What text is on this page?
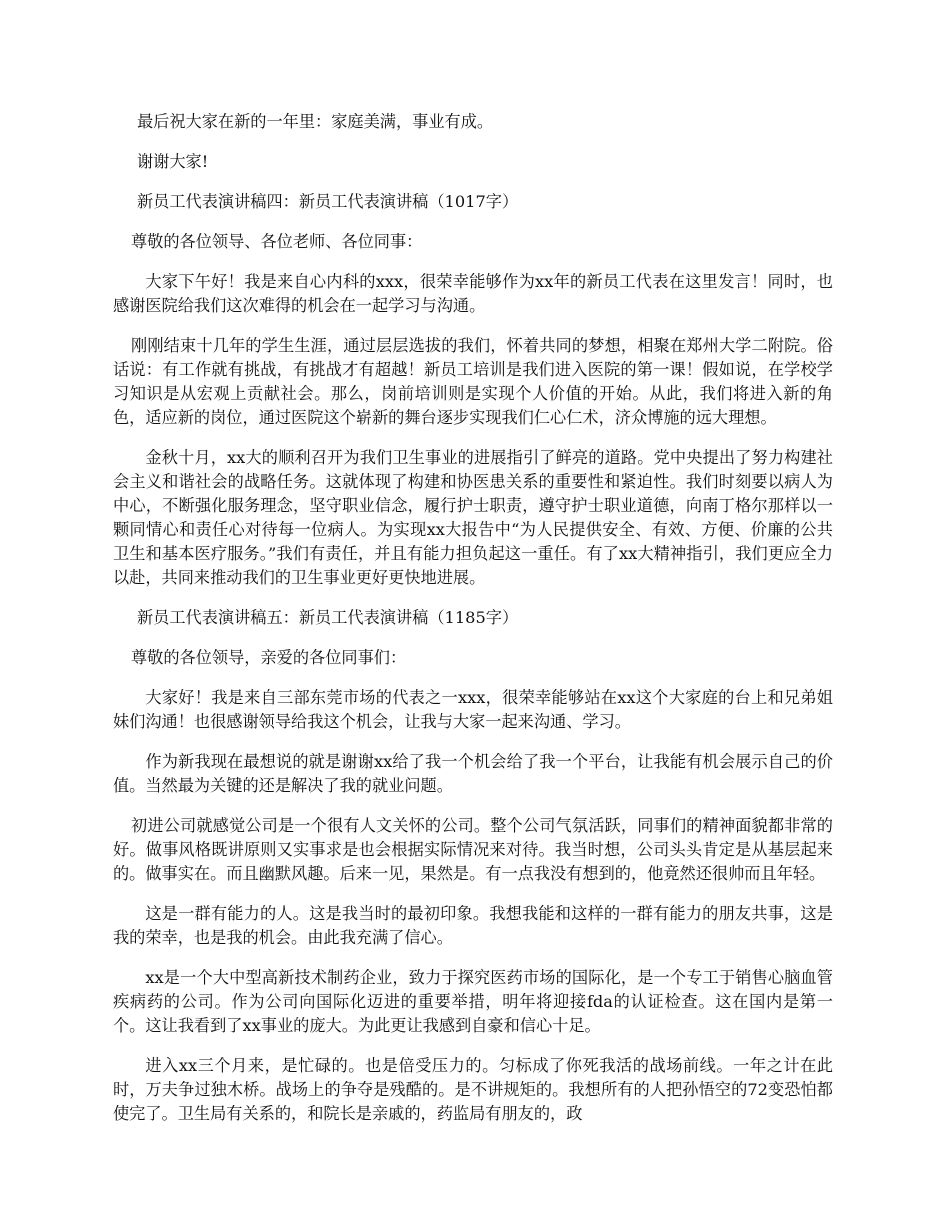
最后祝大家在新的一年里：家庭美满，事业有成。

谢谢大家!

新员工代表演讲稿四：新员工代表演讲稿（1017字）

尊敬的各位领导、各位老师、各位同事：

大家下午好！我是来自心内科的xxx，很荣幸能够作为xx年的新员工代表在这里发言！同时，也感谢医院给我们这次难得的机会在一起学习与沟通。

刚刚结束十几年的学生生涯，通过层层选拔的我们，怀着共同的梦想，相聚在郑州大学二附院。俗话说：有工作就有挑战，有挑战才有超越！新员工培训是我们进入医院的第一课！假如说，在学校学习知识是从宏观上贡献社会。那么，岗前培训则是实现个人价值的开始。从此，我们将进入新的角色，适应新的岗位，通过医院这个崭新的舞台逐步实现我们仁心仁术，济众博施的远大理想。

金秋十月，xx大的顺利召开为我们卫生事业的进展指引了鲜亮的道路。党中央提出了努力构建社会主义和谐社会的战略任务。这就体现了构建和协医患关系的重要性和紧迫性。我们时刻要以病人为中心，不断强化服务理念，坚守职业信念，履行护士职责，遵守护士职业道德，向南丁格尔那样以一颗同情心和责任心对待每一位病人。为实现xx大报告中“为人民提供安全、有效、方便、价廉的公共卫生和基本医疗服务。”我们有责任，并且有能力担负起这一重任。有了xx大精神指引，我们更应全力以赴，共同来推动我们的卫生事业更好更快地进展。

新员工代表演讲稿五：新员工代表演讲稿（1185字）

尊敬的各位领导，亲爱的各位同事们：

大家好！我是来自三部东莞市场的代表之一xxx，很荣幸能够站在xx这个大家庭的台上和兄弟姐妹们沟通！也很感谢领导给我这个机会，让我与大家一起来沟通、学习。

作为新我现在最想说的就是谢谢xx给了我一个机会给了我一个平台，让我能有机会展示自己的价值。当然最为关键的还是解决了我的就业问题。

初进公司就感觉公司是一个很有人文关怀的公司。整个公司气氛活跃，同事们的精神面貌都非常的好。做事风格既讲原则又实事求是也会根据实际情况来对待。我当时想，公司头头肯定是从基层起来的。做事实在。而且幽默风趣。后来一见，果然是。有一点我没有想到的，他竟然还很帅而且年轻。

这是一群有能力的人。这是我当时的最初印象。我想我能和这样的一群有能力的朋友共事，这是我的荣幸，也是我的机会。由此我充满了信心。

xx是一个大中型高新技术制药企业，致力于探究医药市场的国际化，是一个专工于销售心脑血管疾病药的公司。作为公司向国际化迈进的重要举措，明年将迎接fda的认证检查。这在国内是第一个。这让我看到了xx事业的庞大。为此更让我感到自豪和信心十足。

进入xx三个月来，是忙碌的。也是倍受压力的。匀标成了你死我活的战场前线。一年之计在此时，万夫争过独木桥。战场上的争夺是残酷的。是不讲规矩的。我想所有的人把孙悟空的72变恐怕都使完了。卫生局有关系的，和院长是亲戚的，药监局有朋友的，政
